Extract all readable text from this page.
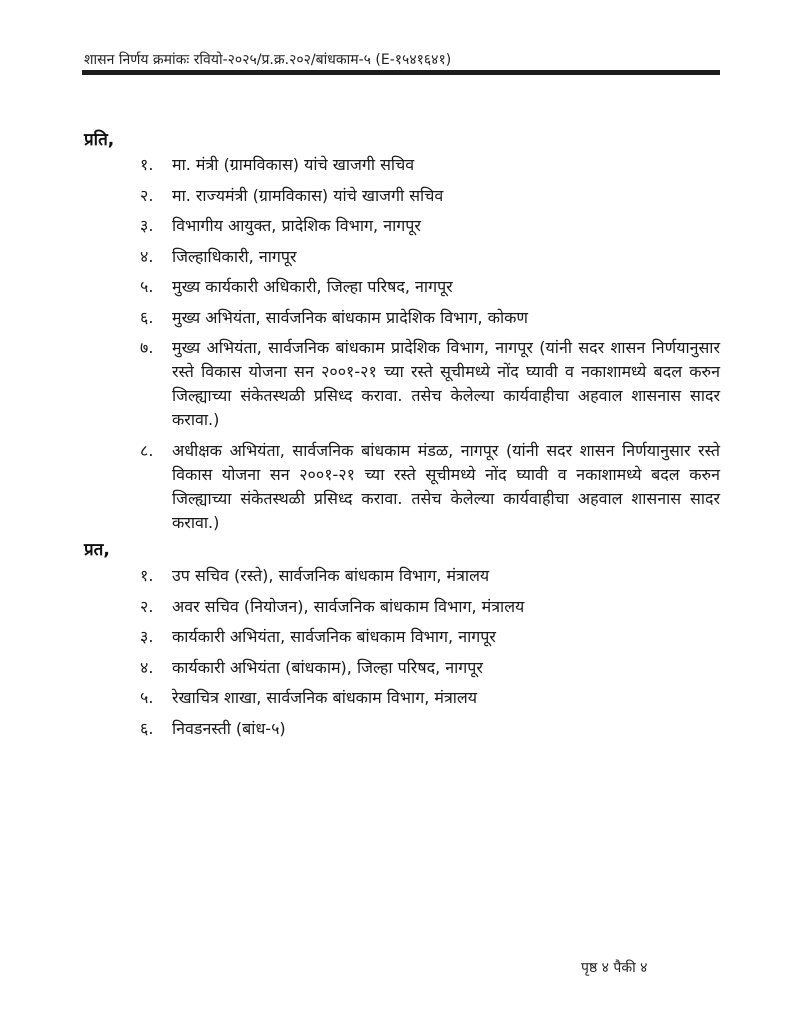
शासन निर्णय क्रमांकः रवियो-२०२५/प्र.क्र.२०२/बांधकाम-५ (E-१५४१६४१)
प्रति,
१. मा. मंत्री (ग्रामविकास) यांचे खाजगी सचिव
२. मा. राज्यमंत्री (ग्रामविकास) यांचे खाजगी सचिव
३. विभागीय आयुक्त, प्रादेशिक विभाग, नागपूर
४. जिल्हाधिकारी, नागपूर
५. मुख्य कार्यकारी अधिकारी, जिल्हा परिषद, नागपूर
६. मुख्य अभियंता, सार्वजनिक बांधकाम प्रादेशिक विभाग, कोकण
७. मुख्य अभियंता, सार्वजनिक बांधकाम प्रादेशिक विभाग, नागपूर (यांनी सदर शासन निर्णयानुसार रस्ते विकास योजना सन २००१-२१ च्या रस्ते सूचीमध्ये नोंद घ्यावी व नकाशामध्ये बदल करुन जिल्ह्याच्या संकेतस्थळी प्रसिध्द करावा. तसेच केलेल्या कार्यवाहीचा अहवाल शासनास सादर करावा.)
८. अधीक्षक अभियंता, सार्वजनिक बांधकाम मंडळ, नागपूर (यांनी सदर शासन निर्णयानुसार रस्ते विकास योजना सन २००१-२१ च्या रस्ते सूचीमध्ये नोंद घ्यावी व नकाशामध्ये बदल करुन जिल्ह्याच्या संकेतस्थळी प्रसिध्द करावा. तसेच केलेल्या कार्यवाहीचा अहवाल शासनास सादर करावा.)
प्रत,
१. उप सचिव (रस्ते), सार्वजनिक बांधकाम विभाग, मंत्रालय
२. अवर सचिव (नियोजन), सार्वजनिक बांधकाम विभाग, मंत्रालय
३. कार्यकारी अभियंता, सार्वजनिक बांधकाम विभाग, नागपूर
४. कार्यकारी अभियंता (बांधकाम), जिल्हा परिषद, नागपूर
५. रेखाचित्र शाखा, सार्वजनिक बांधकाम विभाग, मंत्रालय
६. निवडनस्ती (बांध-५)
पृष्ठ ४ पैकी ४
